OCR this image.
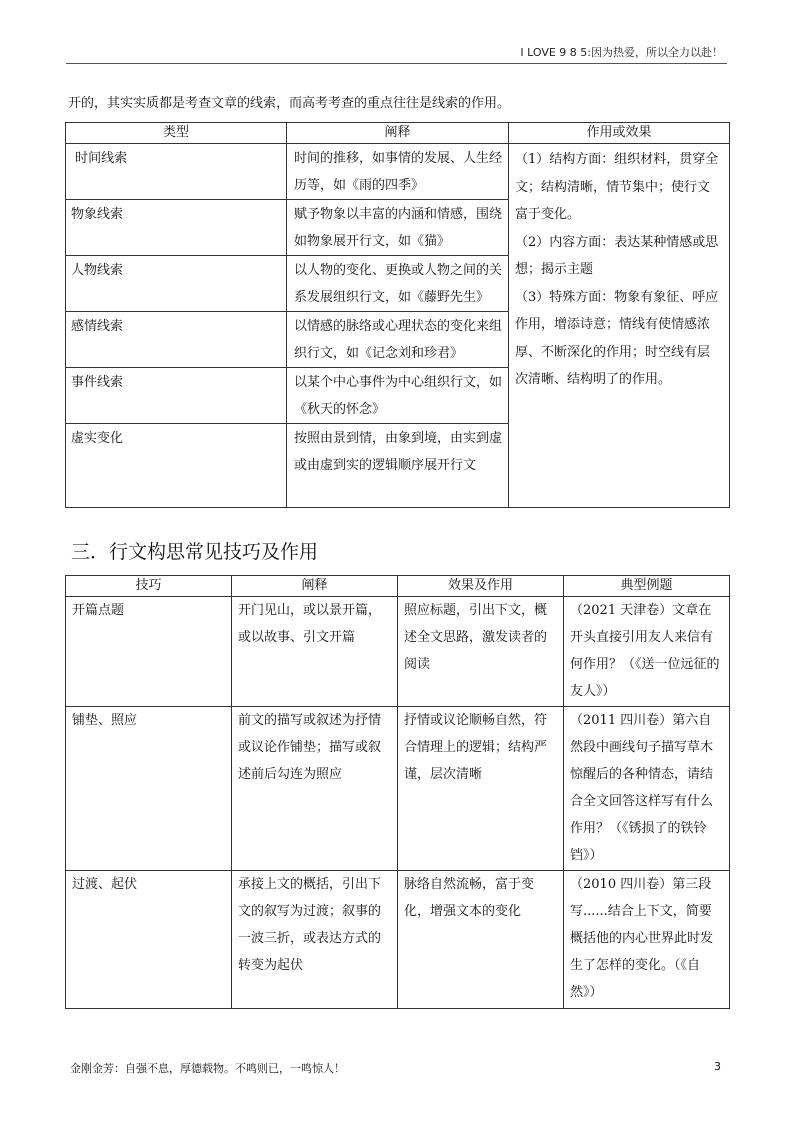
I LOVE 9 8 5:因为热爱，所以全力以赴！
开的，其实实质都是考查文章的线索，而高考考查的重点往往是线索的作用。
类型	阐释	作用或效果
时间线索	时间的推移，如事情的发展、人生经历等，如《雨的四季》	（1）结构方面：组织材料，贯穿全文；结构清晰，情节集中；使行文富于变化。
（2）内容方面：表达某种情感或思想；揭示主题
（3）特殊方面：物象有象征、呼应作用，增添诗意；情线有使情感浓厚、不断深化的作用；时空线有层次清晰、结构明了的作用。

物象线索	赋予物象以丰富的内涵和情感，围绕如物象展开行文，如《猫》	
人物线索	以人物的变化、更换或人物之间的关系发展组织行文，如《藤野先生》	
感情线索	以情感的脉络或心理状态的变化来组织行文，如《记念刘和珍君》	
事件线索	以某个中心事件为中心组织行文，如《秋天的怀念》	
虚实变化	按照由景到情，由象到境，由实到虚或由虚到实的逻辑顺序展开行文	
三．行文构思常见技巧及作用
技巧	阐释	效果及作用	典型例题
开篇点题	开门见山，或以景开篇，或以故事、引文开篇	照应标题，引出下文，概述全文思路，激发读者的阅读	（2021 天津卷）文章在开头直接引用友人来信有何作用？（《送一位远征的友人》）
铺垫、照应	前文的描写或叙述为抒情或议论作铺垫；描写或叙述前后勾连为照应	抒情或议论顺畅自然，符合情理上的逻辑；结构严谨，层次清晰	（2011 四川卷）第六自然段中画线句子描写草木惊醒后的各种情态，请结合全文回答这样写有什么作用？（《锈损了的铁铃铛》）
过渡、起伏	承接上文的概括，引出下文的叙写为过渡；叙事的一波三折，或表达方式的转变为起伏	脉络自然流畅，富于变化，增强文本的变化	（2010 四川卷）第三段写......结合上下文，简要概括他的内心世界此时发生了怎样的变化。（《自然》）
金刚金芳：自强不息，厚德载物。不鸣则已，一鸣惊人！	3
